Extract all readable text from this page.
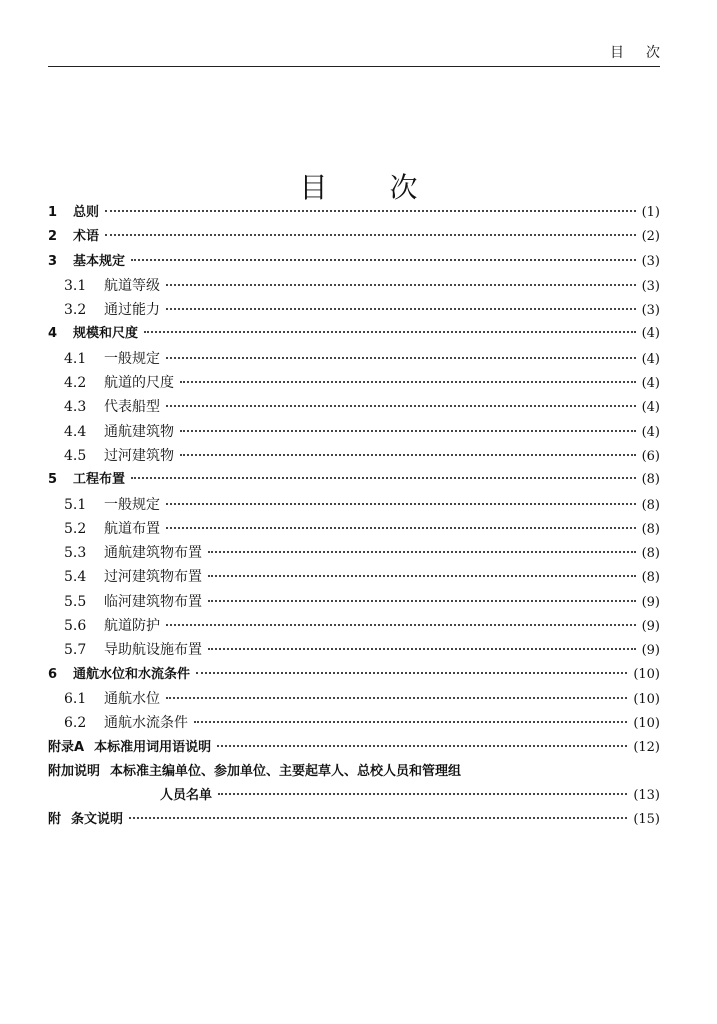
目次
目次
1	总则	(1)
2	术语	(2)
3	基本规定	(3)
3.1	航道等级	(3)
3.2	通过能力	(3)
4	规模和尺度	(4)
4.1	一般规定	(4)
4.2	航道的尺度	(4)
4.3	代表船型	(4)
4.4	通航建筑物	(4)
4.5	过河建筑物	(6)
5	工程布置	(8)
5.1	一般规定	(8)
5.2	航道布置	(8)
5.3	通航建筑物布置	(8)
5.4	过河建筑物布置	(8)
5.5	临河建筑物布置	(9)
5.6	航道防护	(9)
5.7	导助航设施布置	(9)
6	通航水位和水流条件	(10)
6.1	通航水位	(10)
6.2	通航水流条件	(10)
附录A 本标准用词用语说明	(12)
附加说明 本标准主编单位、参加单位、主要起草人、总校人员和管理组
人员名单	(13)
附 条文说明	(15)
